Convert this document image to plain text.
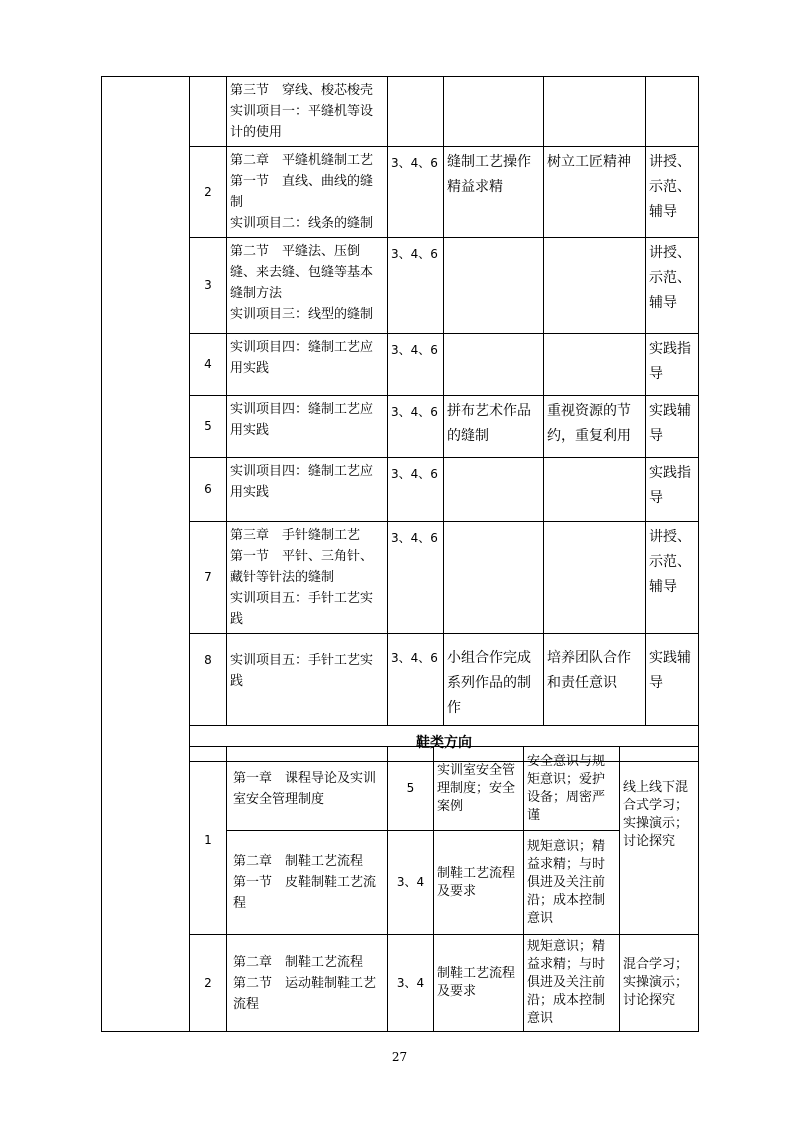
	第三节　穿线、梭芯梭壳
实训项目一：平缝机等设计的使用				
2	第二章　平缝机缝制工艺
第一节　直线、曲线的缝制
实训项目二：线条的缝制	3、4、6	缝制工艺操作精益求精	树立工匠精神	讲授、示范、辅导
3	第二节　平缝法、压倒缝、来去缝、包缝等基本缝制方法
实训项目三：线型的缝制	3、4、6			讲授、示范、辅导
4	实训项目四：缝制工艺应用实践	3、4、6			实践指导
5	实训项目四：缝制工艺应用实践	3、4、6	拼布艺术作品的缝制	重视资源的节约，重复利用	实践辅导
6	实训项目四：缝制工艺应
用实践	3、4、6			实践指导
7	第三章　手针缝制工艺
第一节　平针、三角针、藏针等针法的缝制
实训项目五：手针工艺实践	3、4、6			讲授、示范、辅导
8	实训项目五：手针工艺实践	3、4、6	小组合作完成系列作品的制作	培养团队合作和责任意识	实践辅导
鞋类方向					
1	第一章　课程导论及实训室安全管理制度	5	实训室安全管理制度；安全案例	安全意识与规矩意识；爱护设备；周密严谨	线上线下混合式学习；实操演示；讨论探究
	第二章　制鞋工艺流程
第一节　皮鞋制鞋工艺流程	3、4	制鞋工艺流程及要求	规矩意识；精益求精；与时俱进及关注前沿；成本控制意识	
2	第二章　制鞋工艺流程
第二节　运动鞋制鞋工艺流程	3、4	制鞋工艺流程及要求	规矩意识；精益求精；与时俱进及关注前沿；成本控制意识	混合学习；实操演示；讨论探究
27
